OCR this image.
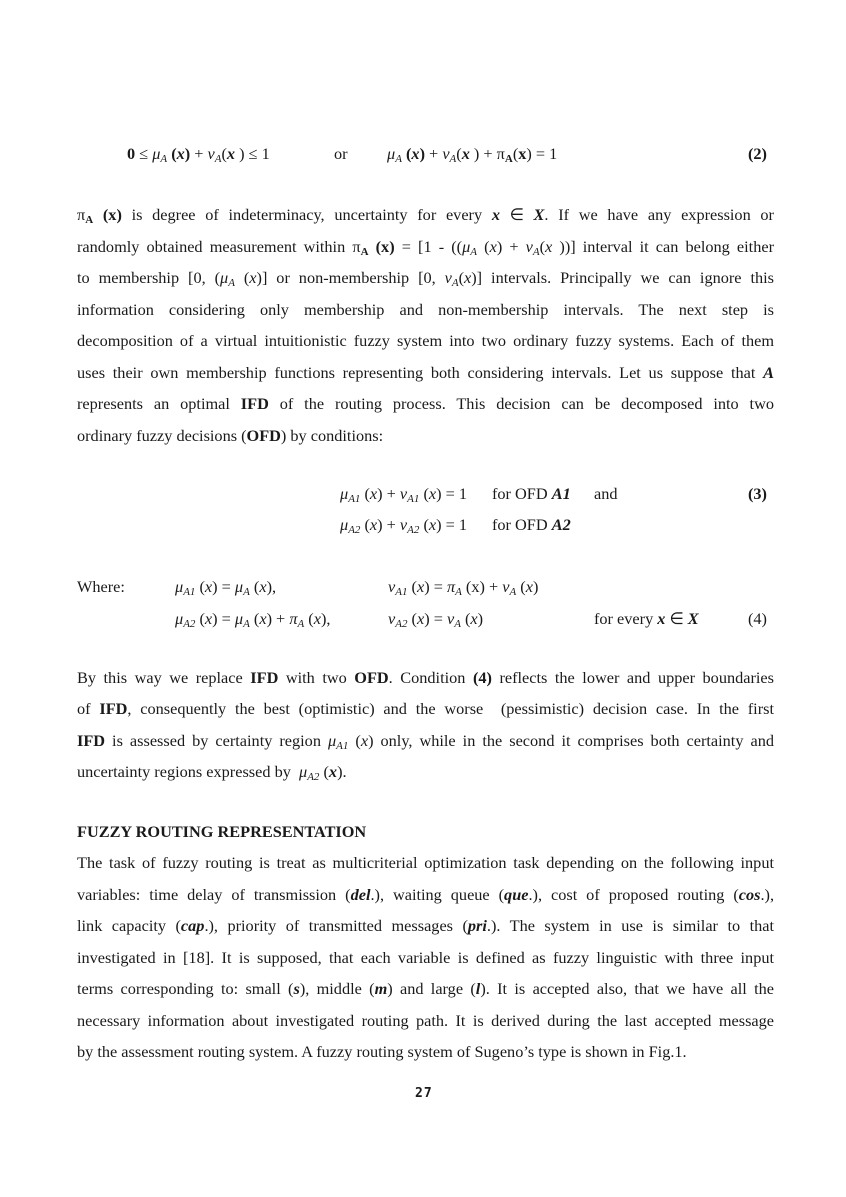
$0 \le \mu_A$ $(x) + \nu_A(x$ ) ≤ 1	or $\mu_A$ $(x) + \nu_A(x$ ) + $\pi_A(x) = 1$	(2)
$\pi_A$ (x) is degree of indeterminacy, uncertainty for every x ∈ X. If we have any expression or
randomly obtained measurement within $\pi_A$ $(x) = [1 - ((\mu_A$ $(x) + \nu_A(x$ ))] interval it can belong either
to membership [0, ($\mu_A$ (x)] or non-membership [0, $\nu_A(x)$] intervals. Principally we can ignore this
information considering only membership and non-membership intervals. The next step is
decomposition of a virtual intuitionistic fuzzy system into two ordinary fuzzy systems. Each of them
uses their own membership functions representing both considering intervals. Let us suppose that A
represents an optimal IFD of the routing process. This decision can be decomposed into two
ordinary fuzzy decisions (OFD) by conditions:
$\mu_{A1}$ $(x) + \nu_{A1}$ (x) = 1 for OFD A1 and	(3)
$\mu_{A2}$ $(x) + \nu_{A2}$ (x) = 1 for OFD A2
Where:	$\mu_{A1}$ $(x) = \mu_A$ (x),	$\nu_{A1}$ $(x) = \pi_A$ $(x) + \nu_A$ (x)
$\mu_{A2}$ $(x) = \mu_A$ $(x) + \pi_A$ (x),	$\nu_{A2}$ $(x) = \nu_A$ (x)	for every x ∈ X	(4)
By this way we replace IFD with two OFD. Condition (4) reflects the lower and upper boundaries
of IFD, consequently the best (optimistic) and the worse  (pessimistic) decision case. In the first
IFD is assessed by certainty region $\mu_{A1}$ (x) only, while in the second it comprises both certainty and
uncertainty regions expressed by  $\mu_{A2}$ (x).
FUZZY ROUTING REPRESENTATION
The task of fuzzy routing is treat as multicriterial optimization task depending on the following input
variables: time delay of transmission (del.), waiting queue (que.), cost of proposed routing (cos.),
link capacity (cap.), priority of transmitted messages (pri.). The system in use is similar to that
investigated in [18]. It is supposed, that each variable is defined as fuzzy linguistic with three input
terms corresponding to: small (s), middle (m) and large (l). It is accepted also, that we have all the
necessary information about investigated routing path. It is derived during the last accepted message
by the assessment routing system. A fuzzy routing system of Sugeno’s type is shown in Fig.1.
27
